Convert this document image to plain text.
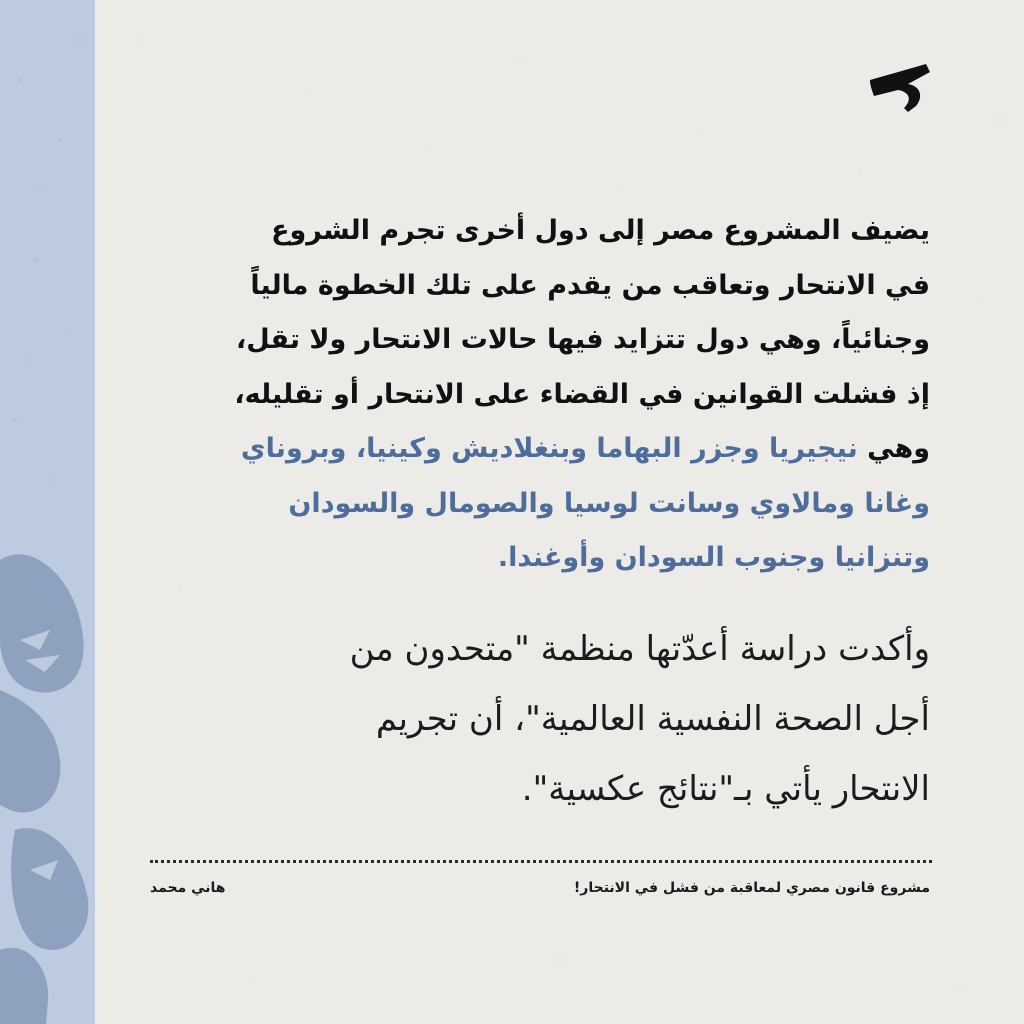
يضيف المشروع مصر إلى دول أخرى تجرم الشروع
في الانتحار وتعاقب من يقدم على تلك الخطوة مالياً
وجنائياً، وهي دول تتزايد فيها حالات الانتحار ولا تقل،
إذ فشلت القوانين في القضاء على الانتحار أو تقليله،
وهي نيجيريا وجزر البهاما وبنغلاديش وكينيا، وبروناي
وغانا ومالاوي وسانت لوسيا والصومال والسودان
وتنزانيا وجنوب السودان وأوغندا.
وأكدت دراسة أعدّتها منظمة "متحدون من
أجل الصحة النفسية العالمية"، أن تجريم
الانتحار يأتي بـ"نتائج عكسية".
مشروع قانون مصري لمعاقبة من فشل في الانتحار!
هاني محمد
